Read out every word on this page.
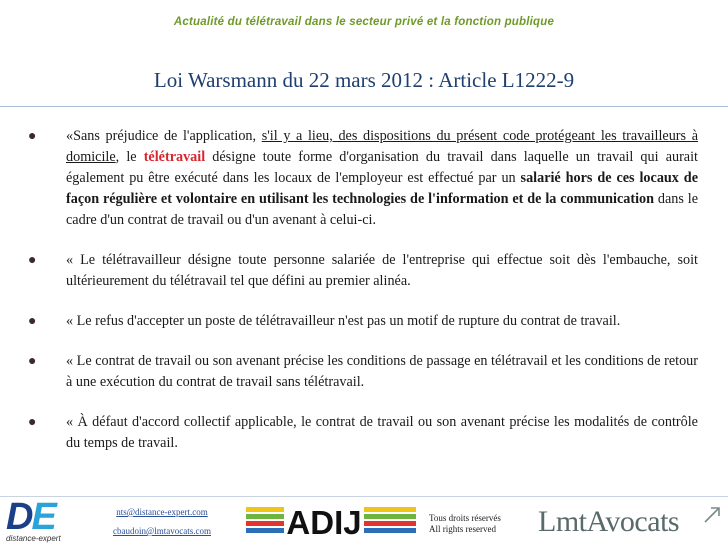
Actualité du télétravail dans le secteur privé et la fonction publique
Loi Warsmann du 22 mars 2012 : Article L1222-9
● «Sans préjudice de l'application, s'il y a lieu, des dispositions du présent code protégeant les travailleurs à domicile, le télétravail désigne toute forme d'organisation du travail dans laquelle un travail qui aurait également pu être exécuté dans les locaux de l'employeur est effectué par un salarié hors de ces locaux de façon régulière et volontaire en utilisant les technologies de l'information et de la communication dans le cadre d'un contrat de travail ou d'un avenant à celui-ci.
● « Le télétravailleur désigne toute personne salariée de l'entreprise qui effectue soit dès l'embauche, soit ultérieurement du télétravail tel que défini au premier alinéa.
● « Le refus d'accepter un poste de télétravailleur n'est pas un motif de rupture du contrat de travail.
● « Le contrat de travail ou son avenant précise les conditions de passage en télétravail et les conditions de retour à une exécution du contrat de travail sans télétravail.
● « À défaut d'accord collectif applicable, le contrat de travail ou son avenant précise les modalités de contrôle du temps de travail.
DE
distance-expert
nts@distance-expert.com
cbaudoin@lmtavocats.com	ADIJ	Tous droits réservés
All rights reserved LmtAvocats
